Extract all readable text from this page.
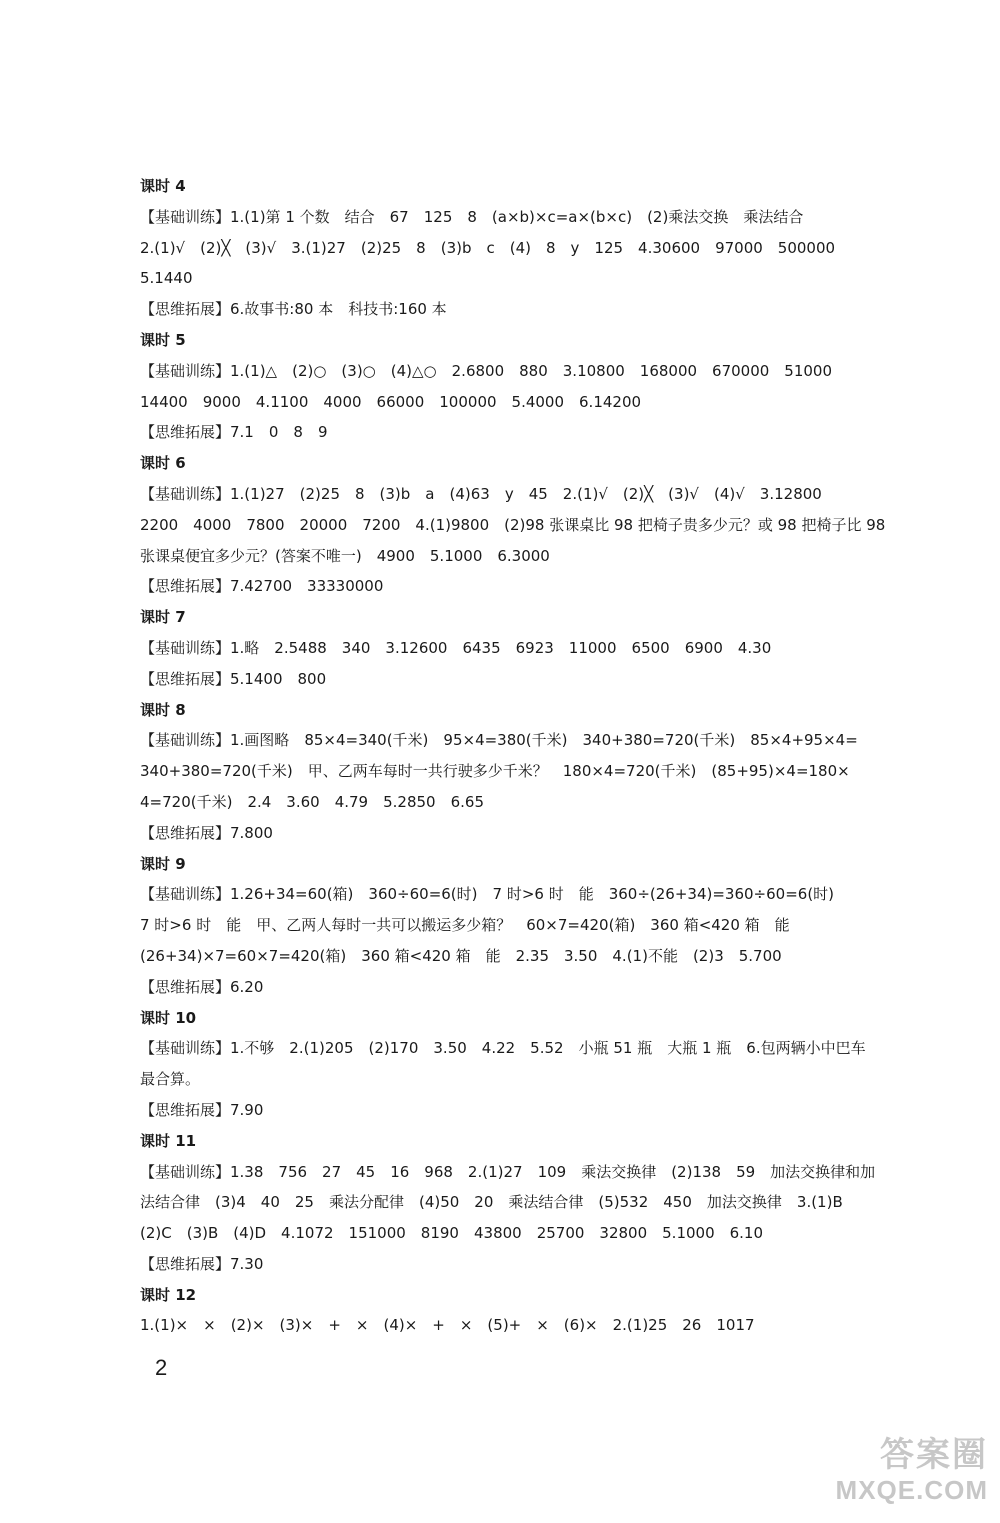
课时 4
【基础训练】1.(1)第 1 个数　结合　67　125　8　(a×b)×c=a×(b×c)　(2)乘法交换　乘法结合
2.(1)√　(2)╳　(3)√　3.(1)27　(2)25　8　(3)b　c　(4)　8　y　125　4.30600　97000　500000
5.1440
【思维拓展】6.故事书:80 本　科技书:160 本
课时 5
【基础训练】1.(1)△　(2)○　(3)○　(4)△○　2.6800　880　3.10800　168000　670000　51000
14400　9000　4.1100　4000　66000　100000　5.4000　6.14200
【思维拓展】7.1　0　8　9
课时 6
【基础训练】1.(1)27　(2)25　8　(3)b　a　(4)63　y　45　2.(1)√　(2)╳　(3)√　(4)√　3.12800
2200　4000　7800　20000　7200　4.(1)9800　(2)98 张课桌比 98 把椅子贵多少元？或 98 把椅子比 98
张课桌便宜多少元？(答案不唯一)　4900　5.1000　6.3000
【思维拓展】7.42700　33330000
课时 7
【基础训练】1.略　2.5488　340　3.12600　6435　6923　11000　6500　6900　4.30
【思维拓展】5.1400　800
课时 8
【基础训练】1.画图略　85×4=340(千米)　95×4=380(千米)　340+380=720(千米)　85×4+95×4=
340+380=720(千米)　甲、乙两车每时一共行驶多少千米？　180×4=720(千米)　(85+95)×4=180×
4=720(千米)　2.4　3.60　4.79　5.2850　6.65
【思维拓展】7.800
课时 9
【基础训练】1.26+34=60(箱)　360÷60=6(时)　7 时>6 时　能　360÷(26+34)=360÷60=6(时)
7 时>6 时　能　甲、乙两人每时一共可以搬运多少箱？　60×7=420(箱)　360 箱<420 箱　能
(26+34)×7=60×7=420(箱)　360 箱<420 箱　能　2.35　3.50　4.(1)不能　(2)3　5.700
【思维拓展】6.20
课时 10
【基础训练】1.不够　2.(1)205　(2)170　3.50　4.22　5.52　小瓶 51 瓶　大瓶 1 瓶　6.包两辆小中巴车
最合算。
【思维拓展】7.90
课时 11
【基础训练】1.38　756　27　45　16　968　2.(1)27　109　乘法交换律　(2)138　59　加法交换律和加
法结合律　(3)4　40　25　乘法分配律　(4)50　20　乘法结合律　(5)532　450　加法交换律　3.(1)B
(2)C　(3)B　(4)D　4.1072　151000　8190　43800　25700　32800　5.1000　6.10
【思维拓展】7.30
课时 12
1.(1)×　×　(2)×　(3)×　+　×　(4)×　+　×　(5)+　×　(6)×　2.(1)25　26　1017
2
答案圈
MXQE.COM
